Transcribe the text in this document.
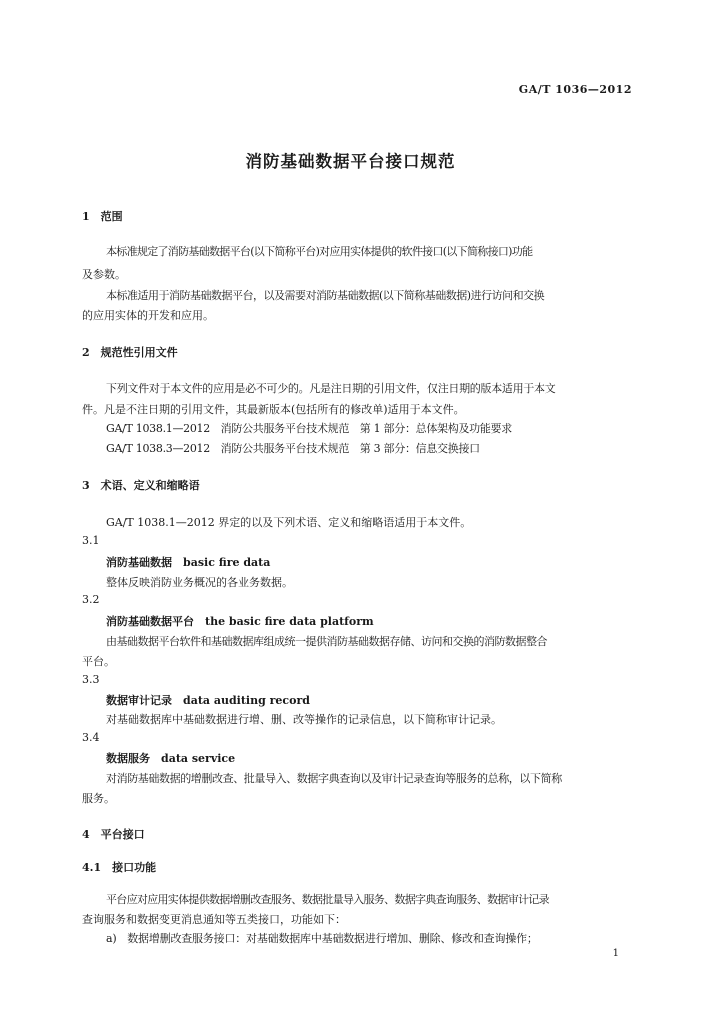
GA/T 1036—2012
消防基础数据平台接口规范
1　范围
本标准规定了消防基础数据平台(以下简称平台)对应用实体提供的软件接口(以下简称接口)功能
及参数。
本标准适用于消防基础数据平台，以及需要对消防基础数据(以下简称基础数据)进行访问和交换
的应用实体的开发和应用。
2　规范性引用文件
下列文件对于本文件的应用是必不可少的。凡是注日期的引用文件，仅注日期的版本适用于本文
件。凡是不注日期的引用文件，其最新版本(包括所有的修改单)适用于本文件。
GA/T 1038.1—2012　消防公共服务平台技术规范　第 1 部分：总体架构及功能要求
GA/T 1038.3—2012　消防公共服务平台技术规范　第 3 部分：信息交换接口
3　术语、定义和缩略语
GA/T 1038.1—2012 界定的以及下列术语、定义和缩略语适用于本文件。
3.1
消防基础数据　basic fire data
整体反映消防业务概况的各业务数据。
3.2
消防基础数据平台　the basic fire data platform
由基础数据平台软件和基础数据库组成统一提供消防基础数据存储、访问和交换的消防数据整合
平台。
3.3
数据审计记录　data auditing record
对基础数据库中基础数据进行增、删、改等操作的记录信息，以下简称审计记录。
3.4
数据服务　data service
对消防基础数据的增删改查、批量导入、数据字典查询以及审计记录查询等服务的总称，以下简称
服务。
4　平台接口
4.1　接口功能
平台应对应用实体提供数据增删改查服务、数据批量导入服务、数据字典查询服务、数据审计记录
查询服务和数据变更消息通知等五类接口，功能如下：
a)　数据增删改查服务接口：对基础数据库中基础数据进行增加、删除、修改和查询操作；
1
